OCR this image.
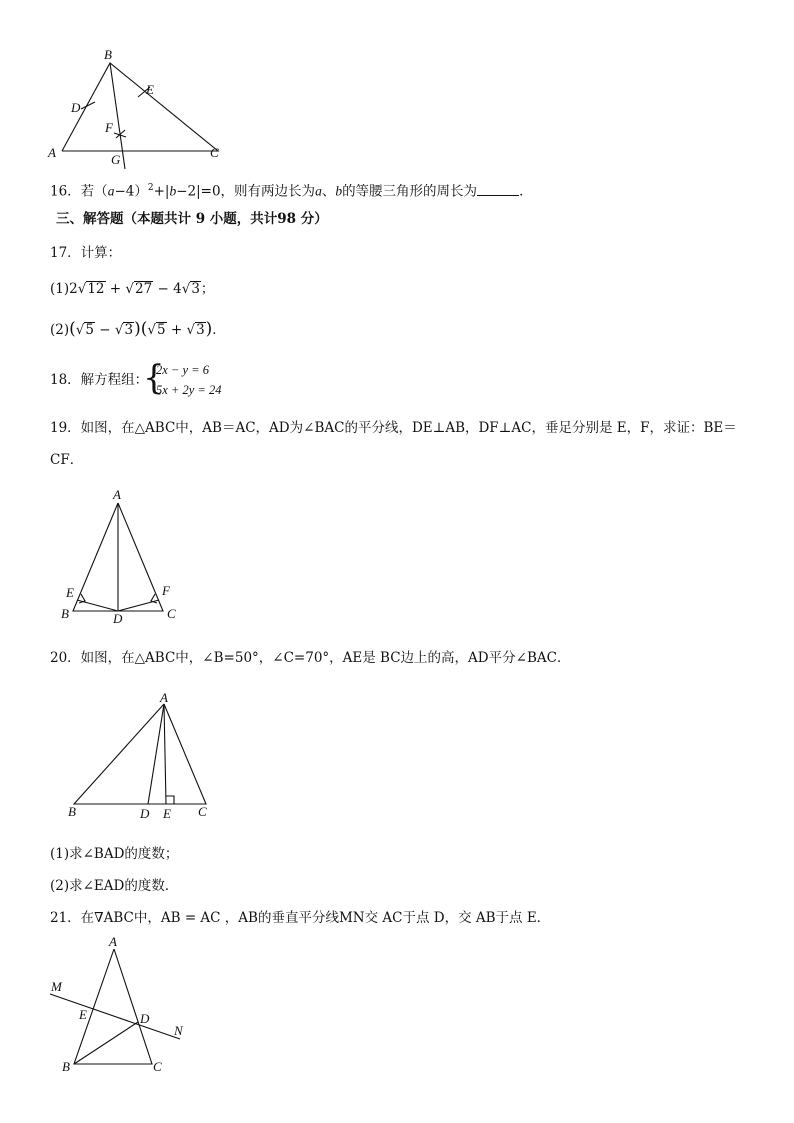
B
D
E
F
A	G	C
16．若$(a-4)^2+|b-2|=0$，则有两边长为a、b的等腰三角形的周长为	．
三、解答题（本题共计 9 小题，共计98 分）
17．计算：
(1)2√12 + √27 − 4√3；
(2)(√5 − √3)(√5 + √3)．
18．解方程组：
{
2x − y = 6
5x + 2y = 24
19．如图，在△ABC中，AB＝AC，AD为∠BAC的平分线，DE⊥AB，DF⊥AC，垂足分别是 E，F，求证：BE＝
CF．
A
E	F
B	D	C
20．如图，在△ABC中，∠B=50°，∠C=70°，AE是 BC边上的高，AD平分∠BAC．
A
B	D E C
(1)求∠BAD的度数；
(2)求∠EAD的度数．
21．在∇ABC中，AB = AC ，AB的垂直平分线MN交 AC于点 D，交 AB于点 E．
A
M
E	D
N
B	C
